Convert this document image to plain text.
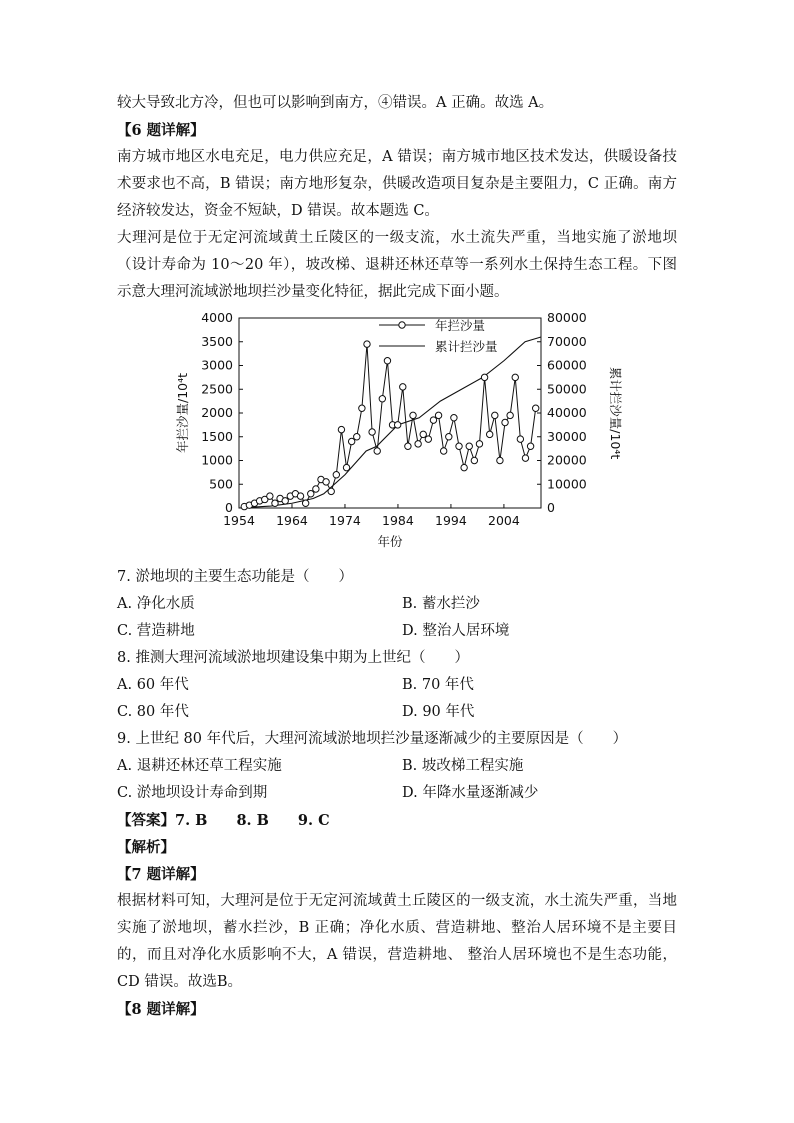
较大导致北方冷，但也可以影响到南方，④错误。A 正确。故选 A。

【6 题详解】

南方城市地区水电充足，电力供应充足，A 错误；南方城市地区技术发达，供暖设备技术要求也不高，B 错误；南方地形复杂，供暖改造项目复杂是主要阻力，C 正确。南方经济较发达，资金不短缺，D 错误。故本题选 C。

大理河是位于无定河流域黄土丘陵区的一级支流，水土流失严重，当地实施了淤地坝（设计寿命为 10～20 年），坡改梯、退耕还林还草等一系列水土保持生态工程。下图示意大理河流域淤地坝拦沙量变化特征，据此完成下面小题。

0
500
1000
1500
2000
2500
3000
3500
4000
0
10000
20000
30000
40000
50000
60000
70000
80000
1954 1964 1974 1984 1994 2004
年份
年拦沙量/10⁴t	累计拦沙量/10⁴t
年拦沙量
累计拦沙量

7. 淤地坝的主要生态功能是（　　）

A. 净化水质	B. 蓄水拦沙
C. 营造耕地	D. 整治人居环境

8. 推测大理河流域淤地坝建设集中期为上世纪（　　）

A. 60 年代	B. 70 年代
C. 80 年代	D. 90 年代

9. 上世纪 80 年代后，大理河流域淤地坝拦沙量逐渐减少的主要原因是（　　）

A. 退耕还林还草工程实施	B. 坡改梯工程实施
C. 淤地坝设计寿命到期	D. 年降水量逐渐减少

【答案】7. B　　8. B　　9. C

【解析】

【7 题详解】

根据材料可知，大理河是位于无定河流域黄土丘陵区的一级支流，水土流失严重，当地实施了淤地坝，蓄水拦沙，B 正确；净化水质、营造耕地、整治人居环境不是主要目的，而且对净化水质影响不大，A 错误，营造耕地、 整治人居环境也不是生态功能，CD 错误。故选B。

【8 题详解】
